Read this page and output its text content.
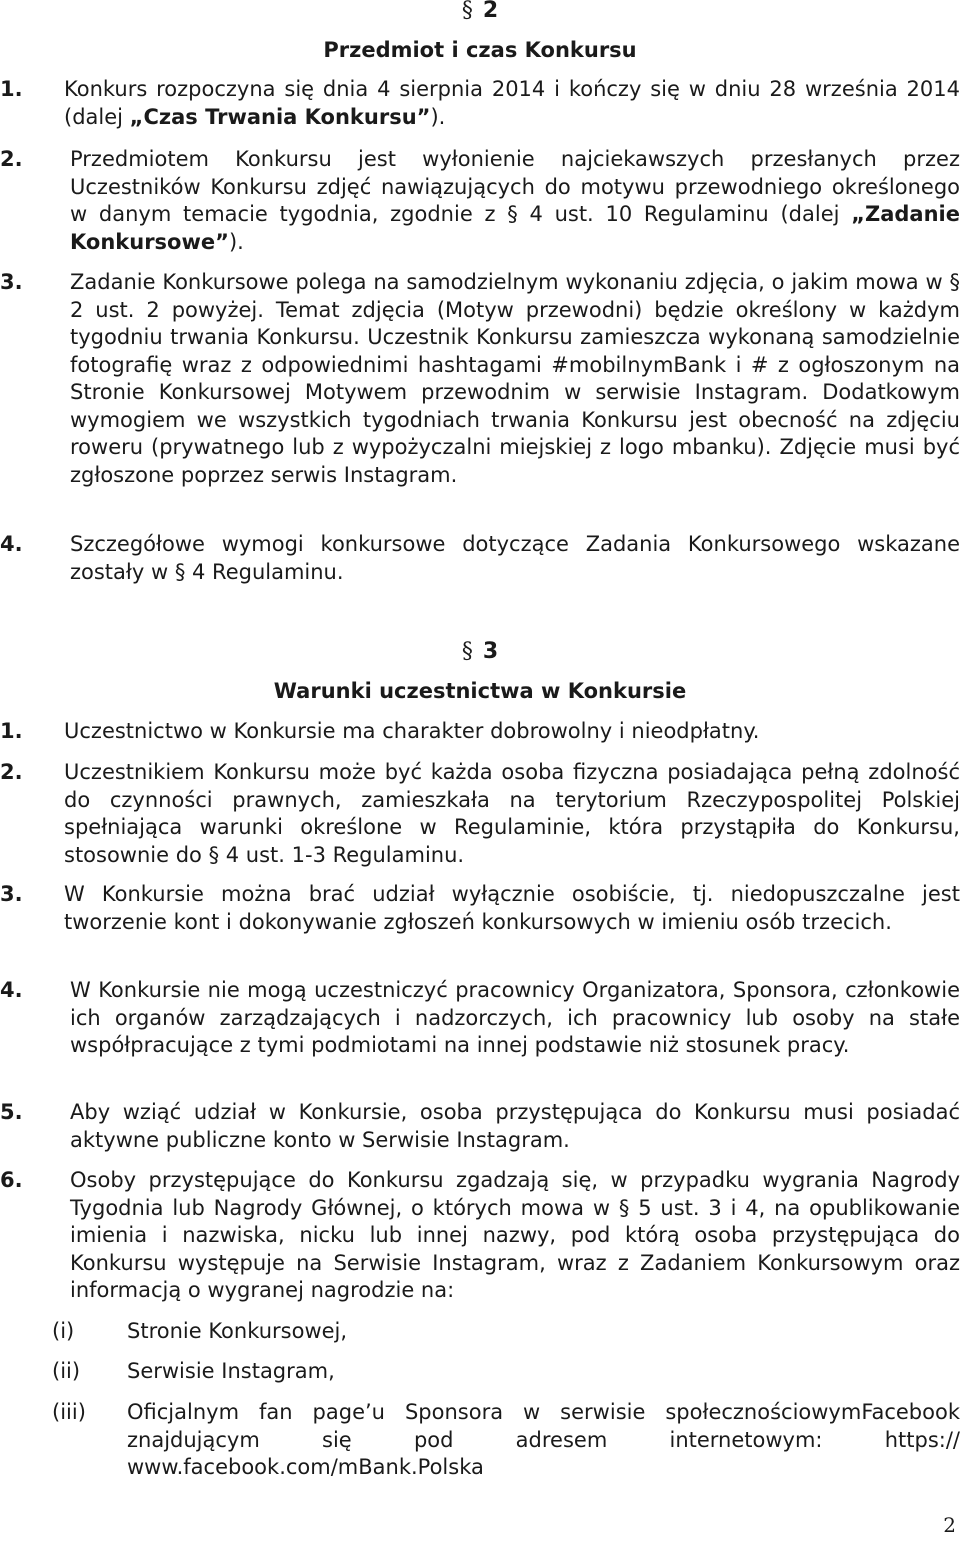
§ 2
Przedmiot i czas Konkursu
1. Konkurs rozpoczyna się dnia 4 sierpnia 2014 i kończy się w dniu 28 września 2014 (dalej „Czas Trwania Konkursu”).
2. Przedmiotem Konkursu jest wyłonienie najciekawszych przesłanych przez Uczestników Konkursu zdjęć nawiązujących do motywu przewodniego określonego w danym temacie tygodnia, zgodnie z § 4 ust. 10 Regulaminu (dalej „Zadanie Konkursowe”).
3. Zadanie Konkursowe polega na samodzielnym wykonaniu zdjęcia, o jakim mowa w § 2 ust. 2 powyżej. Temat zdjęcia (Motyw przewodni) będzie określony w każdym tygodniu trwania Konkursu. Uczestnik Konkursu zamieszcza wykonaną samodzielnie fotografię wraz z odpowiednimi hashtagami #mobilnymBank i # z ogłoszonym na Stronie Konkursowej Motywem przewodnim w serwisie Instagram. Dodatkowym wymogiem we wszystkich tygodniach trwania Konkursu jest obecność na zdjęciu roweru (prywatnego lub z wypożyczalni miejskiej z logo mbanku). Zdjęcie musi być zgłoszone poprzez serwis Instagram.
4. Szczegółowe wymogi konkursowe dotyczące Zadania Konkursowego wskazane zostały w § 4 Regulaminu.
§ 3
Warunki uczestnictwa w Konkursie
1. Uczestnictwo w Konkursie ma charakter dobrowolny i nieodpłatny.
2. Uczestnikiem Konkursu może być każda osoba fizyczna posiadająca pełną zdolność do czynności prawnych, zamieszkała na terytorium Rzeczypospolitej Polskiej spełniająca warunki określone w Regulaminie, która przystąpiła do Konkursu, stosownie do § 4 ust. 1-3 Regulaminu.
3. W Konkursie można brać udział wyłącznie osobiście, tj. niedopuszczalne jest tworzenie kont i dokonywanie zgłoszeń konkursowych w imieniu osób trzecich.
4. W Konkursie nie mogą uczestniczyć pracownicy Organizatora, Sponsora, członkowie ich organów zarządzających i nadzorczych, ich pracownicy lub osoby na stałe współpracujące z tymi podmiotami na innej podstawie niż stosunek pracy.
5. Aby wziąć udział w Konkursie, osoba przystępująca do Konkursu musi posiadać aktywne publiczne konto w Serwisie Instagram.
6. Osoby przystępujące do Konkursu zgadzają się, w przypadku wygrania Nagrody Tygodnia lub Nagrody Głównej, o których mowa w § 5 ust. 3 i 4, na opublikowanie imienia i nazwiska, nicku lub innej nazwy, pod którą osoba przystępująca do Konkursu występuje na Serwisie Instagram, wraz z Zadaniem Konkursowym oraz informacją o wygranej nagrodzie na:
(i)	Stronie Konkursowej,
(ii) Serwisie Instagram,
(iii) Oficjalnym fan page’u Sponsora w serwisie społecznościowymFacebook znajdującym się pod adresem internetowym: https:// www.facebook.com/mBank.Polska
2
